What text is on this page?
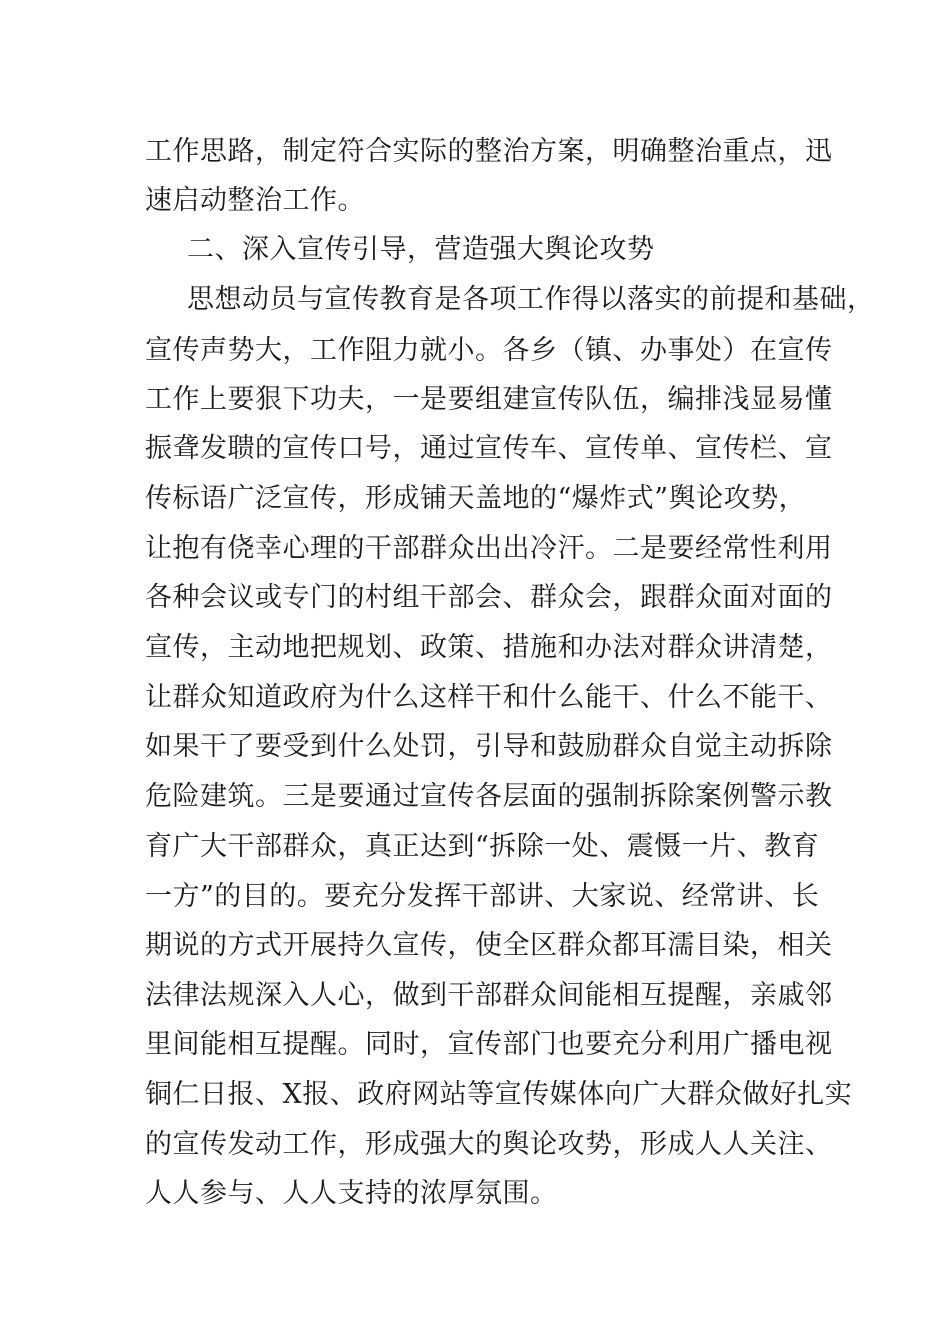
工作思路，制定符合实际的整治方案，明确整治重点，迅
速启动整治工作。
二、深入宣传引导，营造强大舆论攻势
思想动员与宣传教育是各项工作得以落实的前提和基础，
宣传声势大，工作阻力就小。各乡（镇、办事处）在宣传
工作上要狠下功夫，一是要组建宣传队伍，编排浅显易懂
振聋发聩的宣传口号，通过宣传车、宣传单、宣传栏、宣
传标语广泛宣传，形成铺天盖地的“爆炸式”舆论攻势，
让抱有侥幸心理的干部群众出出冷汗。二是要经常性利用
各种会议或专门的村组干部会、群众会，跟群众面对面的
宣传，主动地把规划、政策、措施和办法对群众讲清楚，
让群众知道政府为什么这样干和什么能干、什么不能干、
如果干了要受到什么处罚，引导和鼓励群众自觉主动拆除
危险建筑。三是要通过宣传各层面的强制拆除案例警示教
育广大干部群众，真正达到“拆除一处、震慑一片、教育
一方”的目的。要充分发挥干部讲、大家说、经常讲、长
期说的方式开展持久宣传，使全区群众都耳濡目染，相关
法律法规深入人心，做到干部群众间能相互提醒，亲戚邻
里间能相互提醒。同时，宣传部门也要充分利用广播电视
铜仁日报、X报、政府网站等宣传媒体向广大群众做好扎实
的宣传发动工作，形成强大的舆论攻势，形成人人关注、
人人参与、人人支持的浓厚氛围。
